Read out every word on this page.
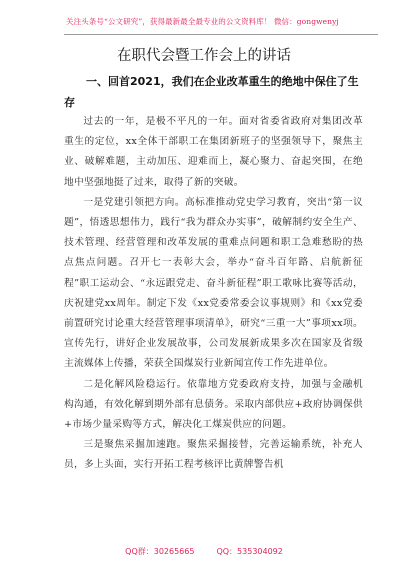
关注头条号“公文研究”，获得最新最全最专业的公文资料库！ 微信：gongwenyj
在职代会暨工作会上的讲话
一、回首2021，我们在企业改革重生的绝地中保住了生存

过去的一年，是极不平凡的一年。面对省委省政府对集团改革重生的定位，xx全体干部职工在集团新班子的坚强领导下，聚焦主业、破解难题，主动加压、迎难而上，凝心聚力、奋起突围，在绝地中坚强地挺了过来，取得了新的突破。

一是党建引领把方向。高标准推动党史学习教育，突出“第一议题”，悟透思想伟力，践行“我为群众办实事”，破解制约安全生产、技术管理、经营管理和改革发展的重难点问题和职工急难愁盼的热点焦点问题。召开七一表彰大会，举办“奋斗百年路、启航新征程”职工运动会、“永远跟党走、奋斗新征程”职工歌咏比赛等活动，庆祝建党xx周年。制定下发《xx党委常委会议事规则》和《xx党委前置研究讨论重大经营管理事项清单》，研究“三重一大”事项xx项。宣传先行，讲好企业发展故事，公司发展新成果多次在国家及省级主流媒体上传播，荣获全国煤炭行业新闻宣传工作先进单位。

二是化解风险稳运行。依靠地方党委政府支持，加强与金融机构沟通，有效化解到期外部有息债务。采取内部供应+政府协调保供+市场少量采购等方式，解决化工煤炭供应的问题。

三是聚焦采掘加速跑。聚焦采掘接替，完善运输系统，补充人员，多上头面，实行开拓工程考核评比黄牌警告机

QQ群：30265665	QQ：535304092
